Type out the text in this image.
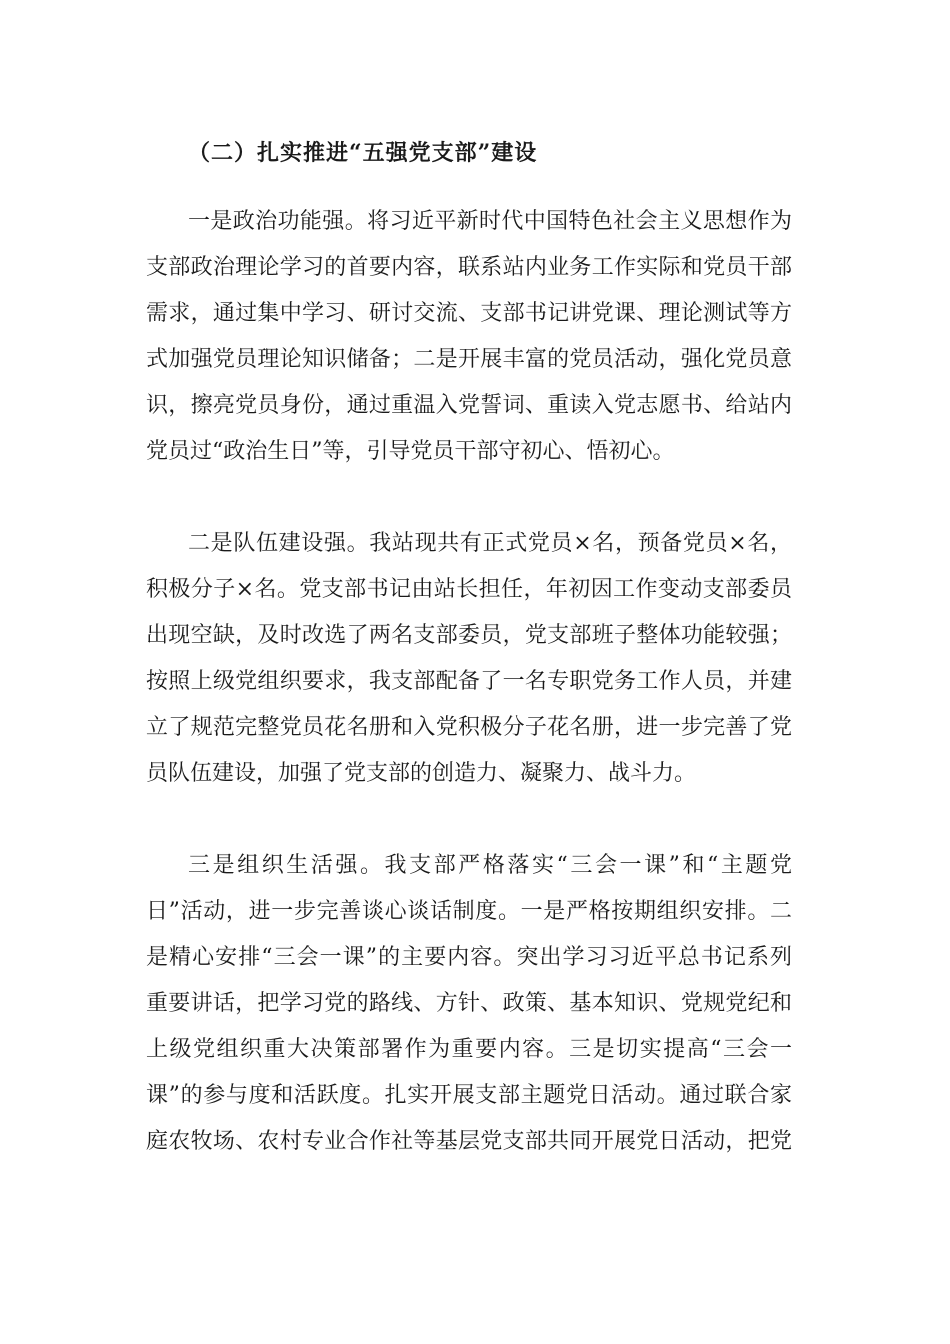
（二）扎实推进“五强党支部”建设
一是政治功能强。将习近平新时代中国特色社会主义思想作为
支部政治理论学习的首要内容，联系站内业务工作实际和党员干部
需求，通过集中学习、研讨交流、支部书记讲党课、理论测试等方
式加强党员理论知识储备；二是开展丰富的党员活动，强化党员意
识，擦亮党员身份，通过重温入党誓词、重读入党志愿书、给站内
党员过“政治生日”等，引导党员干部守初心、悟初心。
二是队伍建设强。我站现共有正式党员×名，预备党员×名，
积极分子×名。党支部书记由站长担任，年初因工作变动支部委员
出现空缺，及时改选了两名支部委员，党支部班子整体功能较强；
按照上级党组织要求，我支部配备了一名专职党务工作人员，并建
立了规范完整党员花名册和入党积极分子花名册，进一步完善了党
员队伍建设，加强了党支部的创造力、凝聚力、战斗力。
三是组织生活强。我支部严格落实“三会一课”和“主题党
日”活动，进一步完善谈心谈话制度。一是严格按期组织安排。二
是精心安排“三会一课”的主要内容。突出学习习近平总书记系列
重要讲话，把学习党的路线、方针、政策、基本知识、党规党纪和
上级党组织重大决策部署作为重要内容。三是切实提高“三会一
课”的参与度和活跃度。扎实开展支部主题党日活动。通过联合家
庭农牧场、农村专业合作社等基层党支部共同开展党日活动，把党
